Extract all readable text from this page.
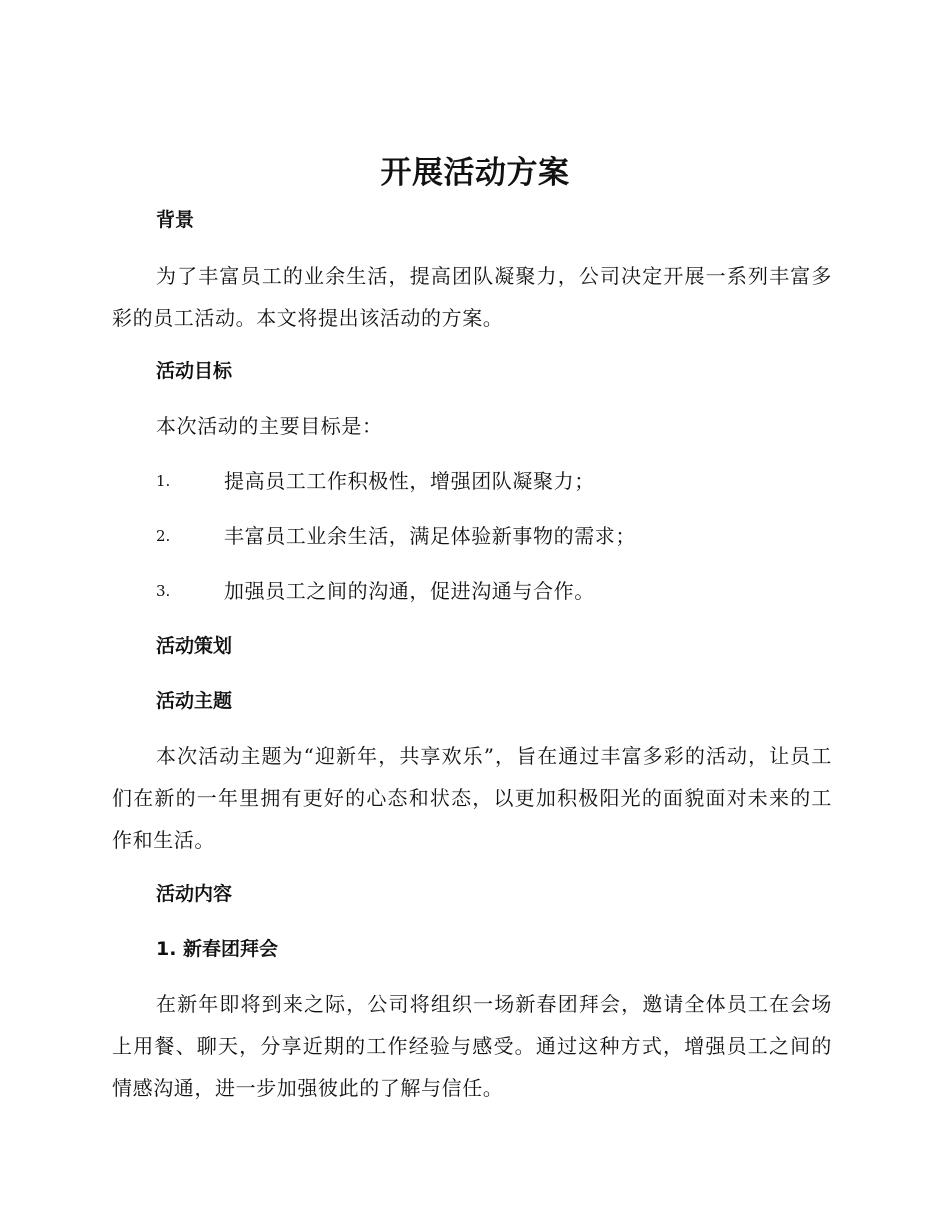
开展活动方案
背景

为了丰富员工的业余生活，提高团队凝聚力，公司决定开展一系列丰富多彩的员工活动。本文将提出该活动的方案。

活动目标
本次活动的主要目标是：
1.	提高员工工作积极性，增强团队凝聚力；
2.	丰富员工业余生活，满足体验新事物的需求；
3.	加强员工之间的沟通，促进沟通与合作。
活动策划
活动主题

本次活动主题为“迎新年，共享欢乐”，旨在通过丰富多彩的活动，让员工们在新的一年里拥有更好的心态和状态，以更加积极阳光的面貌面对未来的工作和生活。

活动内容
1. 新春团拜会

在新年即将到来之际，公司将组织一场新春团拜会，邀请全体员工在会场上用餐、聊天，分享近期的工作经验与感受。通过这种方式，增强员工之间的情感沟通，进一步加强彼此的了解与信任。
